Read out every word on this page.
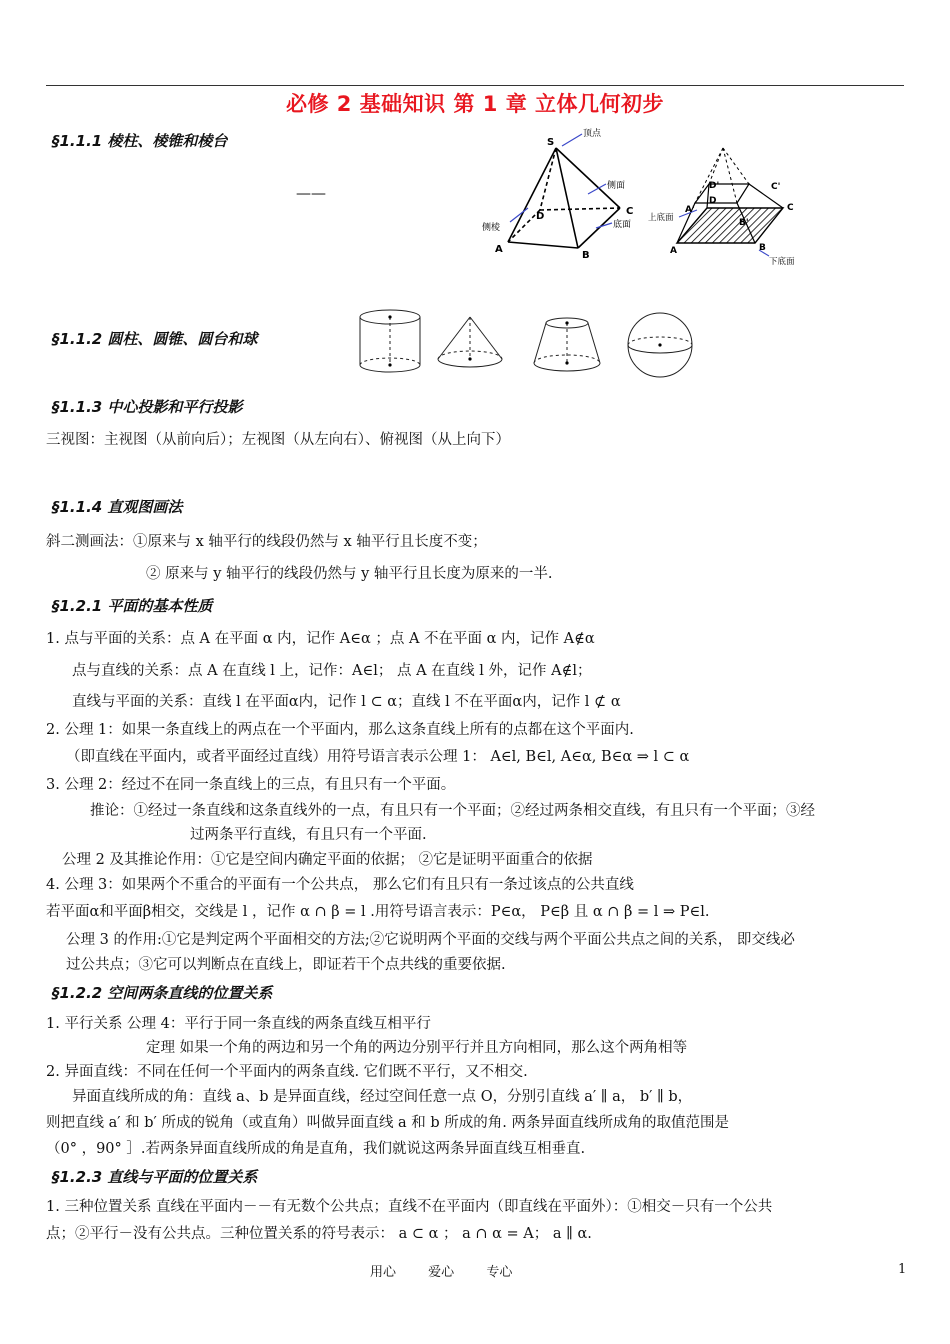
必修 2 基础知识 第 1 章 立体几何初步
§1.1.1 棱柱、棱锥和棱台
——
S
顶点
侧面
D	C
底面
侧棱
A
B
D'	C'
D
C
A'
B'
上底面
A	B
下底面
§1.1.2 圆柱、圆锥、圆台和球
§1.1.3 中心投影和平行投影
三视图：主视图（从前向后）；左视图（从左向右）、俯视图（从上向下）
§1.1.4 直观图画法
斜二测画法：①原来与 x 轴平行的线段仍然与 x 轴平行且长度不变；
② 原来与 y 轴平行的线段仍然与 y 轴平行且长度为原来的一半.
§1.2.1 平面的基本性质
1. 点与平面的关系：点 A 在平面 α 内，记作 A∈α ；点 A 不在平面 α 内，记作 A∉α
点与直线的关系：点 A 在直线 l 上，记作：A∈l； 点 A 在直线 l 外，记作 A∉l；
直线与平面的关系：直线 l 在平面α内，记作 l ⊂ α；直线 l 不在平面α内，记作 l ⊄ α
2. 公理 1：如果一条直线上的两点在一个平面内，那么这条直线上所有的点都在这个平面内.
（即直线在平面内，或者平面经过直线）用符号语言表示公理 1： A∈l, B∈l, A∈α, B∈α ⇒ l ⊂ α
3. 公理 2：经过不在同一条直线上的三点，有且只有一个平面。
推论：①经过一条直线和这条直线外的一点，有且只有一个平面；②经过两条相交直线，有且只有一个平面；③经
过两条平行直线，有且只有一个平面.
公理 2 及其推论作用：①它是空间内确定平面的依据； ②它是证明平面重合的依据
4. 公理 3：如果两个不重合的平面有一个公共点， 那么它们有且只有一条过该点的公共直线
若平面α和平面β相交，交线是 l ，记作 α ∩ β = l .用符号语言表示：P∈α， P∈β 且 α ∩ β = l ⇒ P∈l.
公理 3 的作用:①它是判定两个平面相交的方法;②它说明两个平面的交线与两个平面公共点之间的关系， 即交线必
过公共点；③它可以判断点在直线上，即证若干个点共线的重要依据.
§1.2.2 空间两条直线的位置关系
1. 平行关系 公理 4：平行于同一条直线的两条直线互相平行
定理 如果一个角的两边和另一个角的两边分别平行并且方向相同，那么这个两角相等
2. 异面直线：不同在任何一个平面内的两条直线. 它们既不平行，又不相交.
异面直线所成的角：直线 a、b 是异面直线，经过空间任意一点 O，分别引直线 a′ ∥ a， b′ ∥ b，
则把直线 a′ 和 b′ 所成的锐角（或直角）叫做异面直线 a 和 b 所成的角. 两条异面直线所成角的取值范围是
（0° ，90° ］.若两条异面直线所成的角是直角，我们就说这两条异面直线互相垂直.
§1.2.3 直线与平面的位置关系
1. 三种位置关系 直线在平面内－－有无数个公共点；直线不在平面内（即直线在平面外）：①相交－只有一个公共
点；②平行－没有公共点。三种位置关系的符号表示： a ⊂ α ； a ∩ α = A； a ∥ α.
用心 爱心 专心	1
